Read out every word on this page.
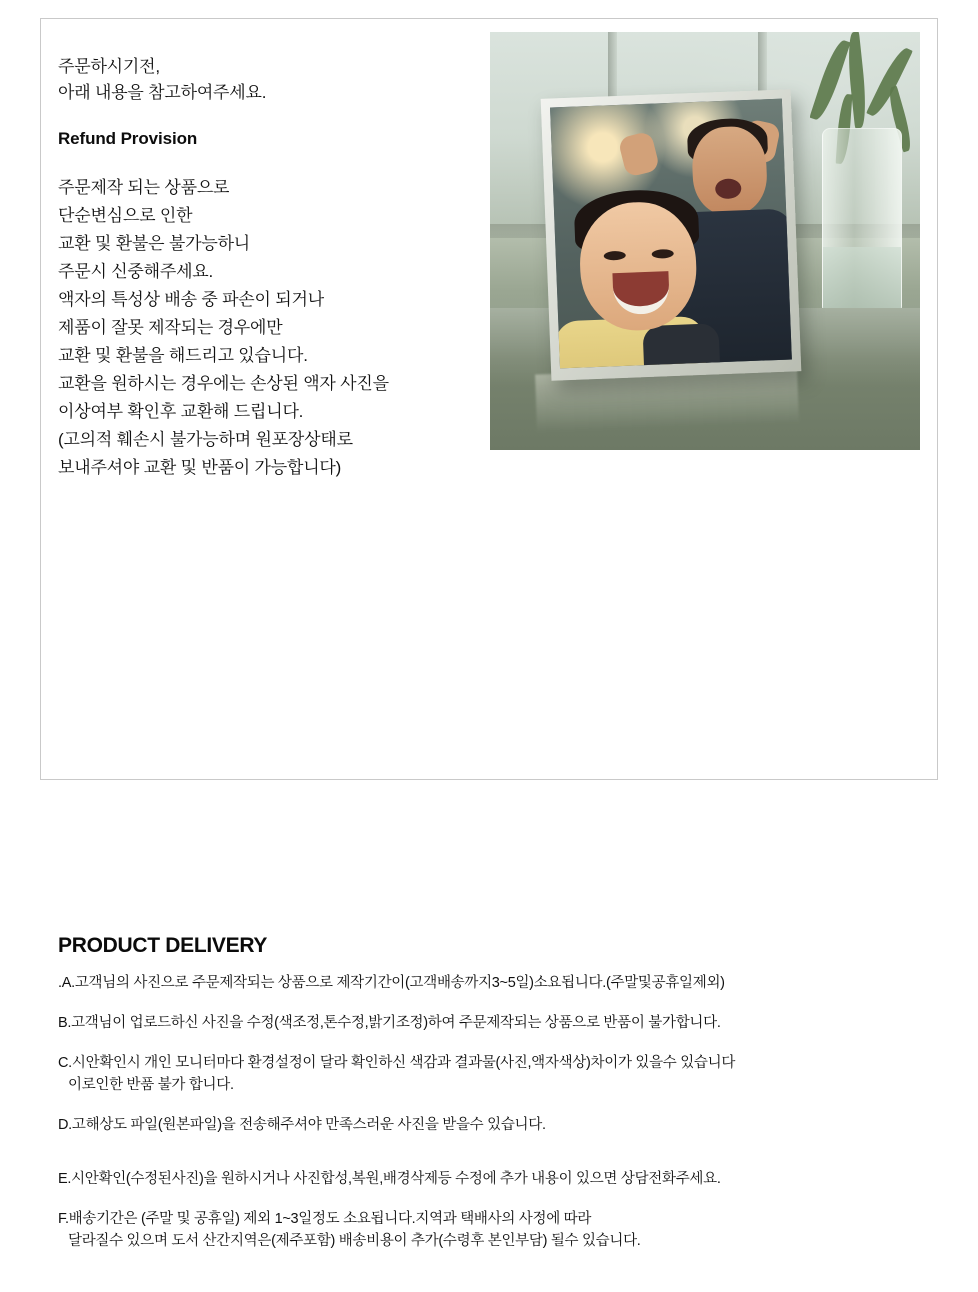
주문하시기전,
아래 내용을 참고하여주세요.
Refund Provision
주문제작 되는 상품으로
단순변심으로 인한
교환 및 환불은 불가능하니
주문시 신중해주세요.
액자의 특성상 배송 중 파손이 되거나
제품이 잘못 제작되는 경우에만
교환 및 환불을 해드리고 있습니다.
교환을 원하시는 경우에는 손상된 액자 사진을
이상여부 확인후 교환해 드립니다.
(고의적 훼손시 불가능하며 원포장상태로
보내주셔야 교환 및 반품이 가능합니다)
PRODUCT DELIVERY
.A.고객님의 사진으로 주문제작되는 상품으로 제작기간이(고객배송까지3~5일)소요됩니다.(주말및공휴일제외)
B.고객님이 업로드하신 사진을 수정(색조정,톤수정,밝기조정)하여 주문제작되는 상품으로 반품이 불가합니다.
C.시안확인시 개인 모니터마다 환경설정이 달라 확인하신 색감과 결과물(사진,액자색상)차이가 있을수 있습니다
이로인한 반품 불가 합니다.
D.고해상도 파일(원본파일)을 전송해주셔야 만족스러운 사진을 받을수 있습니다.
E.시안확인(수정된사진)을 원하시거나 사진합성,복원,배경삭제등 수정에 추가 내용이 있으면 상담전화주세요.
F.배송기간은 (주말 및 공휴일) 제외 1~3일정도 소요됩니다.지역과 택배사의 사정에 따라
달라질수 있으며 도서 산간지역은(제주포함) 배송비용이 추가(수령후 본인부담) 될수 있습니다.
